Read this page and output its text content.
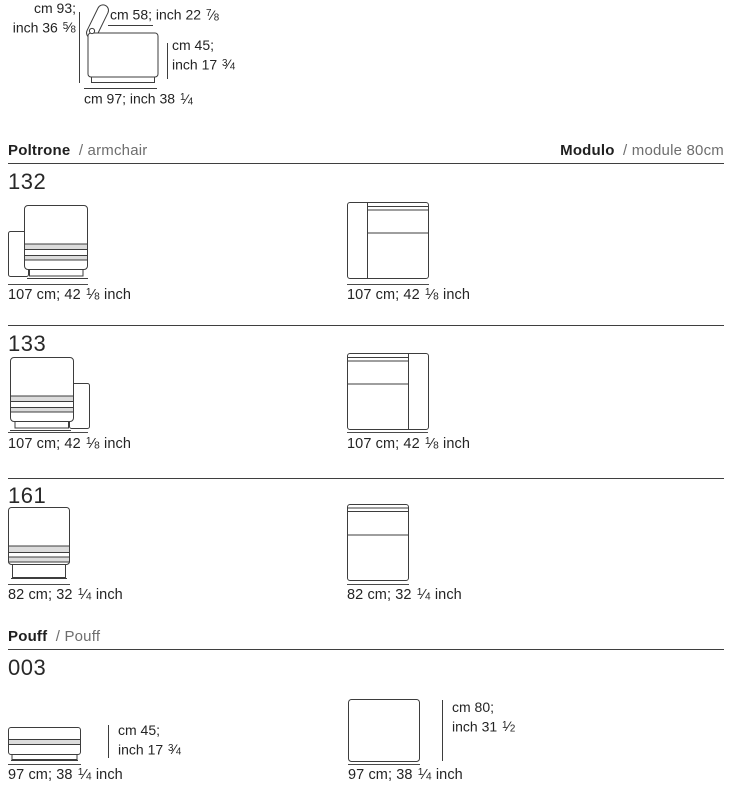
cm 93;
inch 36 $^5⁄_8$
cm 58; inch 22 $^7⁄_8$
cm 45;
inch 17 $^3⁄_4$
cm 97; inch 38 $^1⁄_4$
Poltrone / armchair	Modulo / module 80cm
132
107 cm; 42 $^1⁄_8$ inch	107 cm; 42 $^1⁄_8$ inch
133
107 cm; 42 $^1⁄_8$ inch	107 cm; 42 $^1⁄_8$ inch
161
82 cm; 32 $^1⁄_4$ inch	82 cm; 32 $^1⁄_4$ inch
Pouff / Pouff
003
cm 45;
inch 17 $^3⁄_4$
97 cm; 38 $^1⁄_4$ inch
cm 80;
inch 31 $^1⁄_2$
97 cm; 38 $^1⁄_4$ inch
